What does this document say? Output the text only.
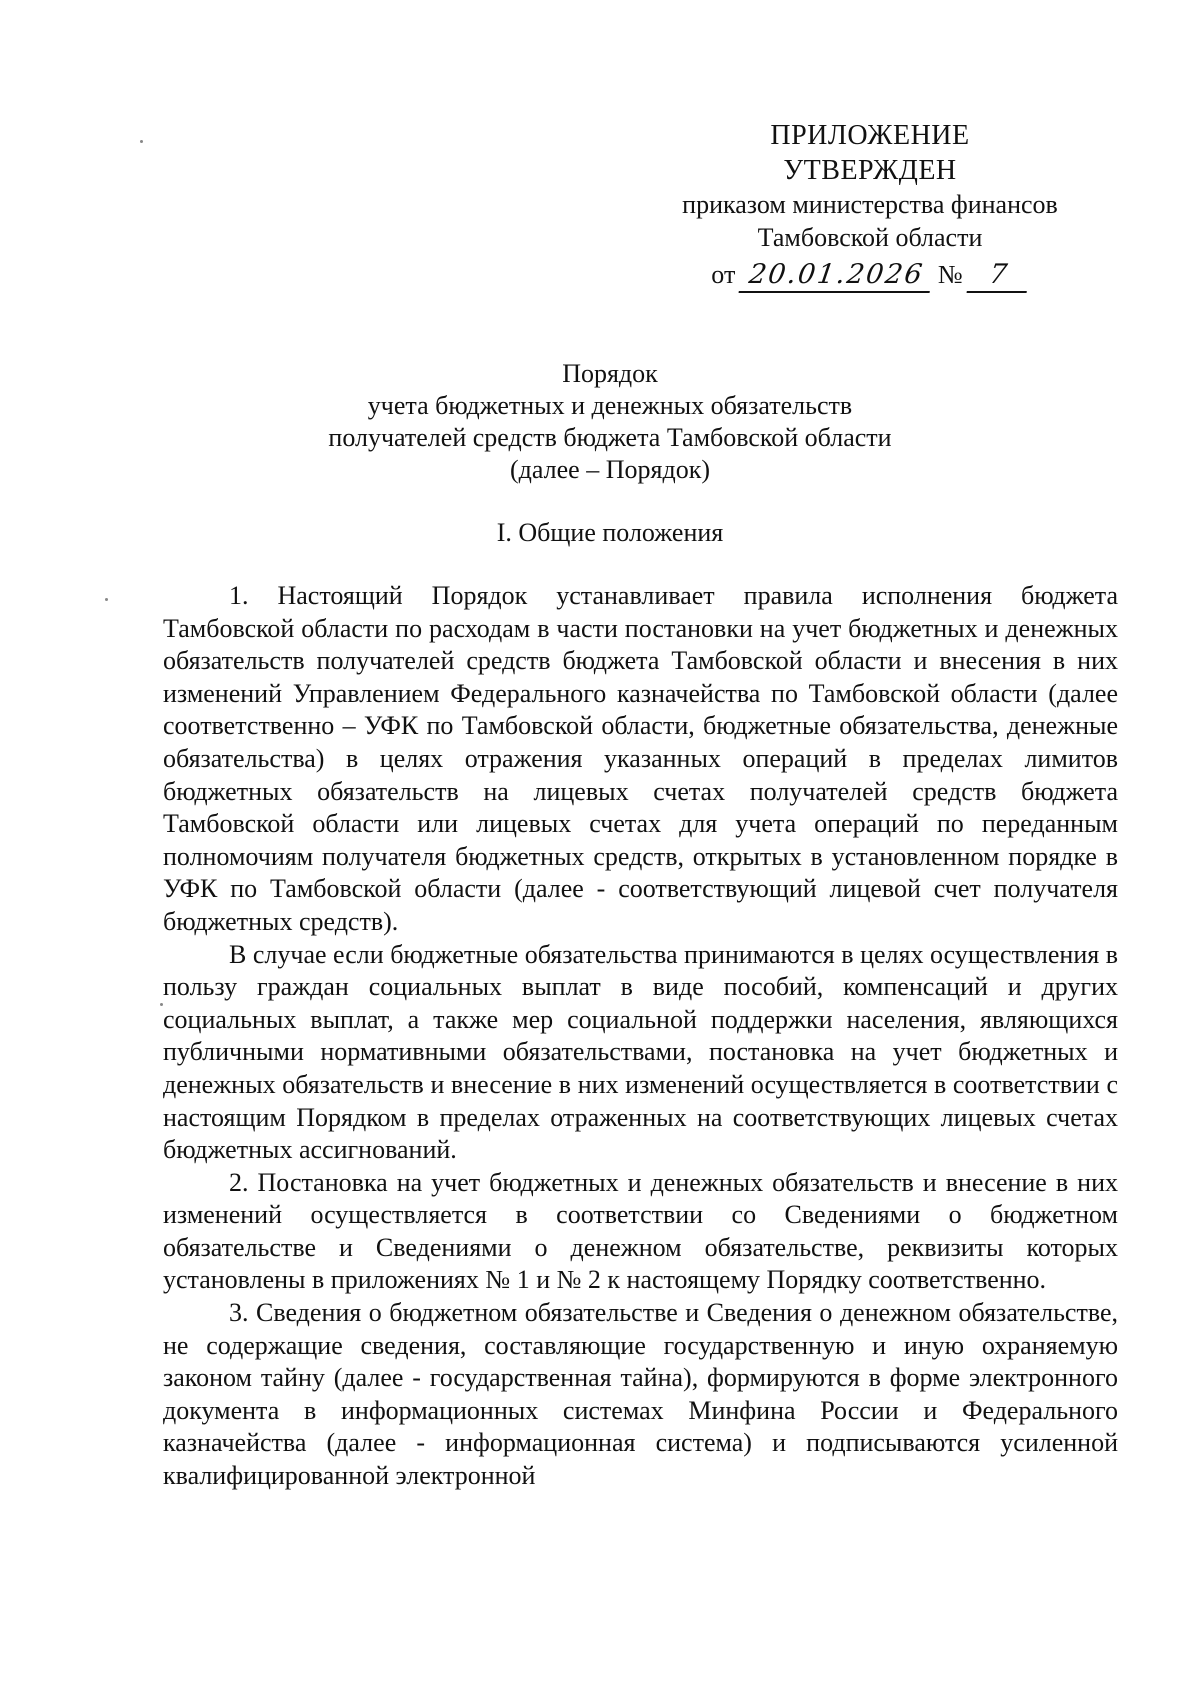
ПРИЛОЖЕНИЕ
УТВЕРЖДЕН
приказом министерства финансов
Тамбовской области
от 20.01.2026 № 7
Порядок
учета бюджетных и денежных обязательств
получателей средств бюджета Тамбовской области
(далее – Порядок)
I. Общие положения

1. Настоящий Порядок устанавливает правила исполнения бюджета Тамбовской области по расходам в части постановки на учет бюджетных и денежных обязательств получателей средств бюджета Тамбовской области и внесения в них изменений Управлением Федерального казначейства по Тамбовской области (далее соответственно – УФК по Тамбовской области, бюджетные обязательства, денежные обязательства) в целях отражения указанных операций в пределах лимитов бюджетных обязательств на лицевых счетах получателей средств бюджета Тамбовской области или лицевых счетах для учета операций по переданным полномочиям получателя бюджетных средств, открытых в установленном порядке в УФК по Тамбовской области (далее - соответствующий лицевой счет получателя бюджетных средств).

В случае если бюджетные обязательства принимаются в целях осуществления в пользу граждан социальных выплат в виде пособий, компенсаций и других социальных выплат, а также мер социальной поддержки населения, являющихся публичными нормативными обязательствами, постановка на учет бюджетных и денежных обязательств и внесение в них изменений осуществляется в соответствии с настоящим Порядком в пределах отраженных на соответствующих лицевых счетах бюджетных ассигнований.

2. Постановка на учет бюджетных и денежных обязательств и внесение в них изменений осуществляется в соответствии со Сведениями о бюджетном обязательстве и Сведениями о денежном обязательстве, реквизиты которых установлены в приложениях № 1 и № 2 к настоящему Порядку соответственно.

3. Сведения о бюджетном обязательстве и Сведения о денежном обязательстве, не содержащие сведения, составляющие государственную и иную охраняемую законом тайну (далее - государственная тайна), формируются в форме электронного документа в информационных системах Минфина России и Федерального казначейства (далее - информационная система) и подписываются усиленной квалифицированной электронной
